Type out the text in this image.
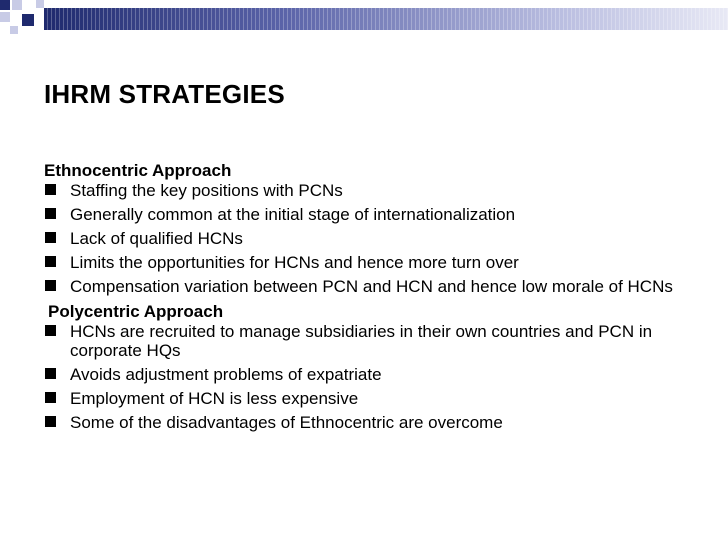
IHRM STRATEGIES

Ethnocentric Approach

Staffing the key positions with PCNs
Generally common at the initial stage of internationalization
Lack of qualified HCNs
Limits the opportunities for HCNs and hence more turn over
Compensation variation between PCN and HCN and hence low morale of HCNs

Polycentric Approach

HCNs are recruited to manage subsidiaries in their own countries and PCN in corporate HQs
Avoids adjustment problems of expatriate
Employment of HCN is less expensive
Some of the disadvantages of Ethnocentric are overcome
